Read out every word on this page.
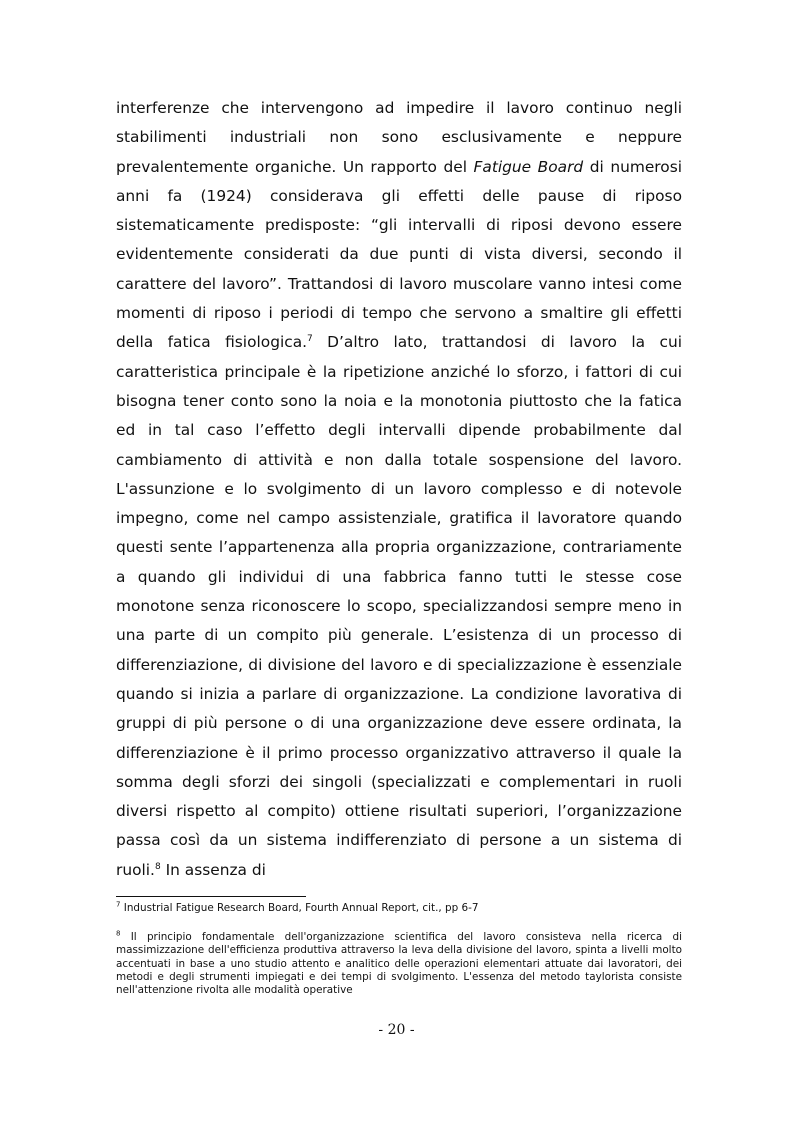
interferenze che intervengono ad impedire il lavoro continuo negli stabilimenti industriali non sono esclusivamente e neppure prevalentemente organiche. Un rapporto del Fatigue Board di numerosi anni fa (1924) considerava gli effetti delle pause di riposo sistematicamente predisposte: “gli intervalli di riposi devono essere evidentemente considerati da due punti di vista diversi, secondo il carattere del lavoro”. Trattandosi di lavoro muscolare vanno intesi come momenti di riposo i periodi di tempo che servono a smaltire gli effetti della fatica fisiologica.$^7$ D’altro lato, trattandosi di lavoro la cui caratteristica principale è la ripetizione anziché lo sforzo, i fattori di cui bisogna tener conto sono la noia e la monotonia piuttosto che la fatica ed in tal caso l’effetto degli intervalli dipende probabilmente dal cambiamento di attività e non dalla totale sospensione del lavoro. L'assunzione e lo svolgimento di un lavoro complesso e di notevole impegno, come nel campo assistenziale, gratifica il lavoratore quando questi sente l’appartenenza alla propria organizzazione, contrariamente a quando gli individui di una fabbrica fanno tutti le stesse cose monotone senza riconoscere lo scopo, specializzandosi sempre meno in una parte di un compito più generale. L’esistenza di un processo di differenziazione, di divisione del lavoro e di specializzazione è essenziale quando si inizia a parlare di organizzazione. La condizione lavorativa di gruppi di più persone o di una organizzazione deve essere ordinata, la differenziazione è il primo processo organizzativo attraverso il quale la somma degli sforzi dei singoli (specializzati e complementari in ruoli diversi rispetto al compito) ottiene risultati superiori, l’organizzazione passa così da un sistema indifferenziato di persone a un sistema di ruoli.$^8$ In assenza di

$^7$ Industrial Fatigue Research Board, Fourth Annual Report, cit., pp 6-7

$^8$ Il principio fondamentale dell'organizzazione scientifica del lavoro consisteva nella ricerca di massimizzazione dell'efficienza produttiva attraverso la leva della divisione del lavoro, spinta a livelli molto accentuati in base a uno studio attento e analitico delle operazioni elementari attuate dai lavoratori, dei metodi e degli strumenti impiegati e dei tempi di svolgimento. L'essenza del metodo taylorista consiste nell'attenzione rivolta alle modalità operative

- 20 -
